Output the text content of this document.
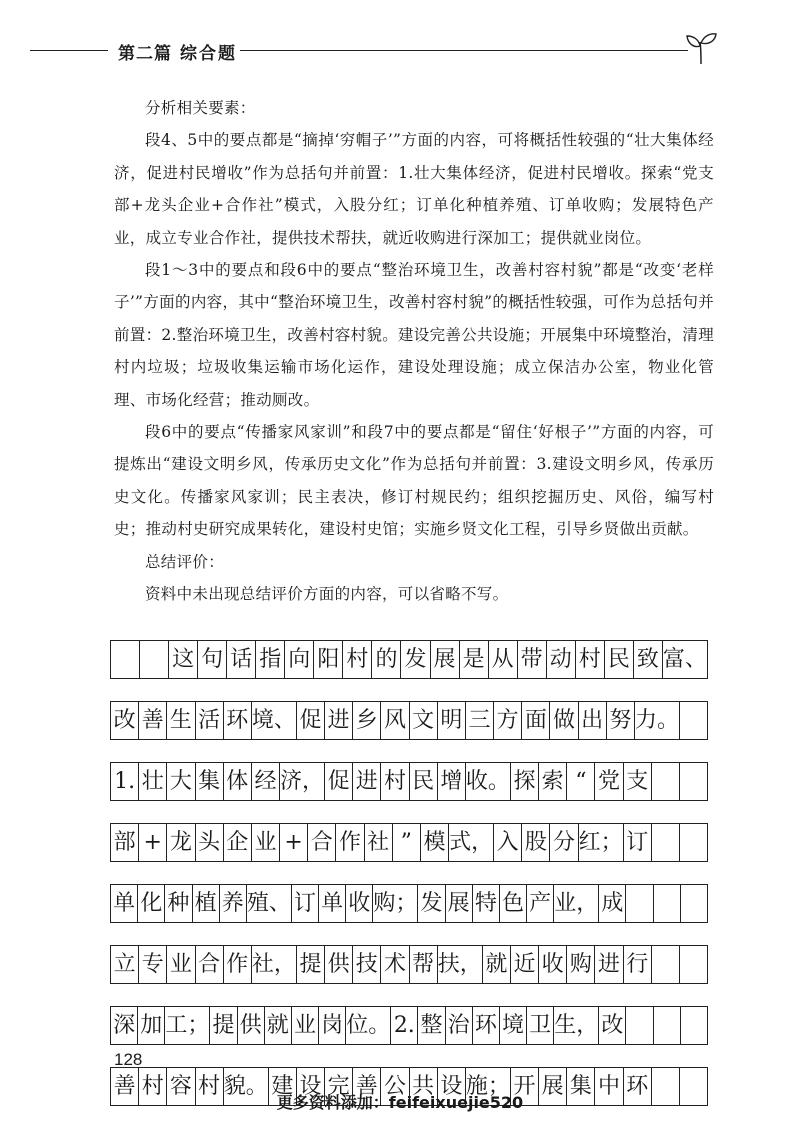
第二篇 综合题

分析相关要素：

段4、5中的要点都是“摘掉‘穷帽子’”方面的内容，可将概括性较强的“壮大集体经济，促进村民增收”作为总括句并前置：1.壮大集体经济，促进村民增收。探索“党支部+龙头企业+合作社”模式，入股分红；订单化种植养殖、订单收购；发展特色产业，成立专业合作社，提供技术帮扶，就近收购进行深加工；提供就业岗位。

段1～3中的要点和段6中的要点“整治环境卫生，改善村容村貌”都是“改变‘老样子’”方面的内容，其中“整治环境卫生，改善村容村貌”的概括性较强，可作为总括句并前置：2.整治环境卫生，改善村容村貌。建设完善公共设施；开展集中环境整治，清理村内垃圾；垃圾收集运输市场化运作，建设处理设施；成立保洁办公室，物业化管理、市场化经营；推动厕改。

段6中的要点“传播家风家训”和段7中的要点都是“留住‘好根子’”方面的内容，可提炼出“建设文明乡风，传承历史文化”作为总括句并前置：3.建设文明乡风，传承历史文化。传播家风家训；民主表决，修订村规民约；组织挖掘历史、风俗，编写村史；推动村史研究成果转化，建设村史馆；实施乡贤文化工程，引导乡贤做出贡献。

总结评价：

资料中未出现总结评价方面的内容，可以省略不写。

这 句 话 指 向 阳 村 的 发 展 是 从 带 动 村 民 致 富、
改 善 生 活 环 境、 促 进 乡 风 文 明 三 方 面 做 出 努 力。
1. 壮 大 集 体 经 济， 促 进 村 民 增 收。 探 索 “ 党 支
部 + 龙 头 企 业 + 合 作 社 ” 模 式， 入 股 分 红； 订
单 化 种 植 养 殖、 订 单 收 购； 发 展 特 色 产 业， 成
立 专 业 合 作 社， 提 供 技 术 帮 扶， 就 近 收 购 进 行
深 加 工； 提 供 就 业 岗 位。 2. 整 治 环 境 卫 生， 改
善 村 容 村 貌。 建 设 完 善 公 共 设 施； 开 展 集 中 环
128
更多资料添加：feifeixuejie520
